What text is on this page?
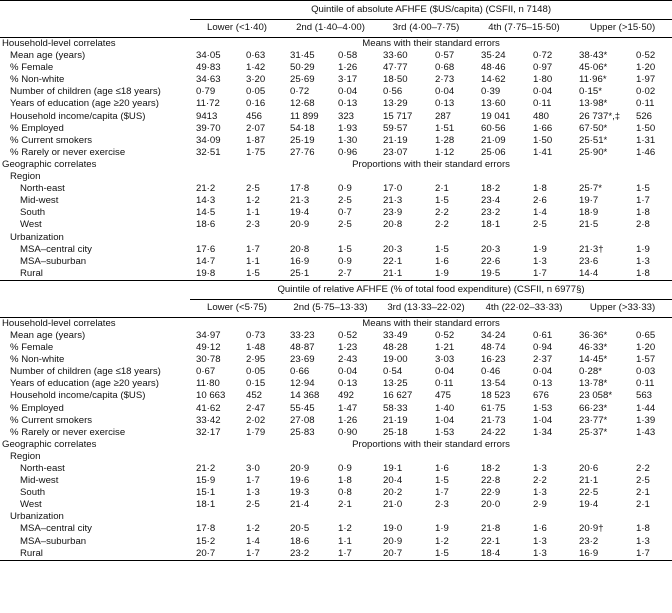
	Quintile of absolute AFHFE ($US/capita) (CSFII, n 7148)									
	Lower (<1·40)		2nd (1·40–4·00)		3rd (4·00–7·75)		4th (7·75–15·50)		Upper (>15·50)	
Household-level correlates	Means with their standard errors									
Mean age (years)	34·05	0·63	31·45	0·58	33·60	0·57	35·24	0·72	38·43*	0·52
% Female	49·83	1·42	50·29	1·26	47·77	0·68	48·46	0·97	45·06*	1·20
% Non-white	34·63	3·20	25·69	3·17	18·50	2·73	14·62	1·80	11·96*	1·97
Number of children (age ≤18 years)	0·79	0·05	0·72	0·04	0·56	0·04	0·39	0·04	0·15*	0·02
Years of education (age ≥20 years)	11·72	0·16	12·68	0·13	13·29	0·13	13·60	0·11	13·98*	0·11
Household income/capita ($US)	9413	456	11 899	323	15 717	287	19 041	480	26 737*,‡	526
% Employed	39·70	2·07	54·18	1·93	59·57	1·51	60·56	1·66	67·50*	1·50
% Current smokers	34·09	1·87	25·19	1·30	21·19	1·28	21·09	1·50	25·51*	1·31
% Rarely or never exercise	32·51	1·75	27·76	0·96	23·07	1·12	25·06	1·41	25·90*	1·46
Geographic correlates	Proportions with their standard errors									
Region										
North-east	21·2	2·5	17·8	0·9	17·0	2·1	18·2	1·8	25·7*	1·5
Mid-west	14·3	1·2	21·3	2·5	21·3	1·5	23·4	2·6	19·7	1·7
South	14·5	1·1	19·4	0·7	23·9	2·2	23·2	1·4	18·9	1·8
West	18·6	2·3	20·9	2·5	20·8	2·2	18·1	2·5	21·5	2·8
Urbanization										
MSA–central city	17·6	1·7	20·8	1·5	20·3	1·5	20·3	1·9	21·3†	1·9
MSA–suburban	14·7	1·1	16·9	0·9	22·1	1·6	22·6	1·3	23·6	1·3
Rural	19·8	1·5	25·1	2·7	21·1	1·9	19·5	1·7	14·4	1·8
	Quintile of relative AFHFE (% of total food expenditure) (CSFII, n 6977§)									
	Lower (<5·75)		2nd (5·75–13·33)		3rd (13·33–22·02)		4th (22·02–33·33)		Upper (>33·33)	
Household-level correlates	Means with their standard errors									
Mean age (years)	34·97	0·73	33·23	0·52	33·49	0·52	34·24	0·61	36·36*	0·65
% Female	49·12	1·48	48·87	1·23	48·28	1·21	48·74	0·94	46·33*	1·20
% Non-white	30·78	2·95	23·69	2·43	19·00	3·03	16·23	2·37	14·45*	1·57
Number of children (age ≤18 years)	0·67	0·05	0·66	0·04	0·54	0·04	0·46	0·04	0·28*	0·03
Years of education (age ≥20 years)	11·80	0·15	12·94	0·13	13·25	0·11	13·54	0·13	13·78*	0·11
Household income/capita ($US)	10 663	452	14 368	492	16 627	475	18 523	676	23 058*	563
% Employed	41·62	2·47	55·45	1·47	58·33	1·40	61·75	1·53	66·23*	1·44
% Current smokers	33·42	2·02	27·08	1·26	21·19	1·04	21·73	1·04	23·77*	1·39
% Rarely or never exercise	32·17	1·79	25·83	0·90	25·18	1·53	24·22	1·34	25·37*	1·43
Geographic correlates	Proportions with their standard errors									
Region										
North-east	21·2	3·0	20·9	0·9	19·1	1·6	18·2	1·3	20·6	2·2
Mid-west	15·9	1·7	19·6	1·8	20·4	1·5	22·8	2·2	21·1	2·5
South	15·1	1·3	19·3	0·8	20·2	1·7	22·9	1·3	22·5	2·1
West	18·1	2·5	21·4	2·1	21·0	2·3	20·0	2·9	19·4	2·1
Urbanization										
MSA–central city	17·8	1·2	20·5	1·2	19·0	1·9	21·8	1·6	20·9†	1·8
MSA–suburban	15·2	1·4	18·6	1·1	20·9	1·2	22·1	1·3	23·2	1·3
Rural	20·7	1·7	23·2	1·7	20·7	1·5	18·4	1·3	16·9	1·7
